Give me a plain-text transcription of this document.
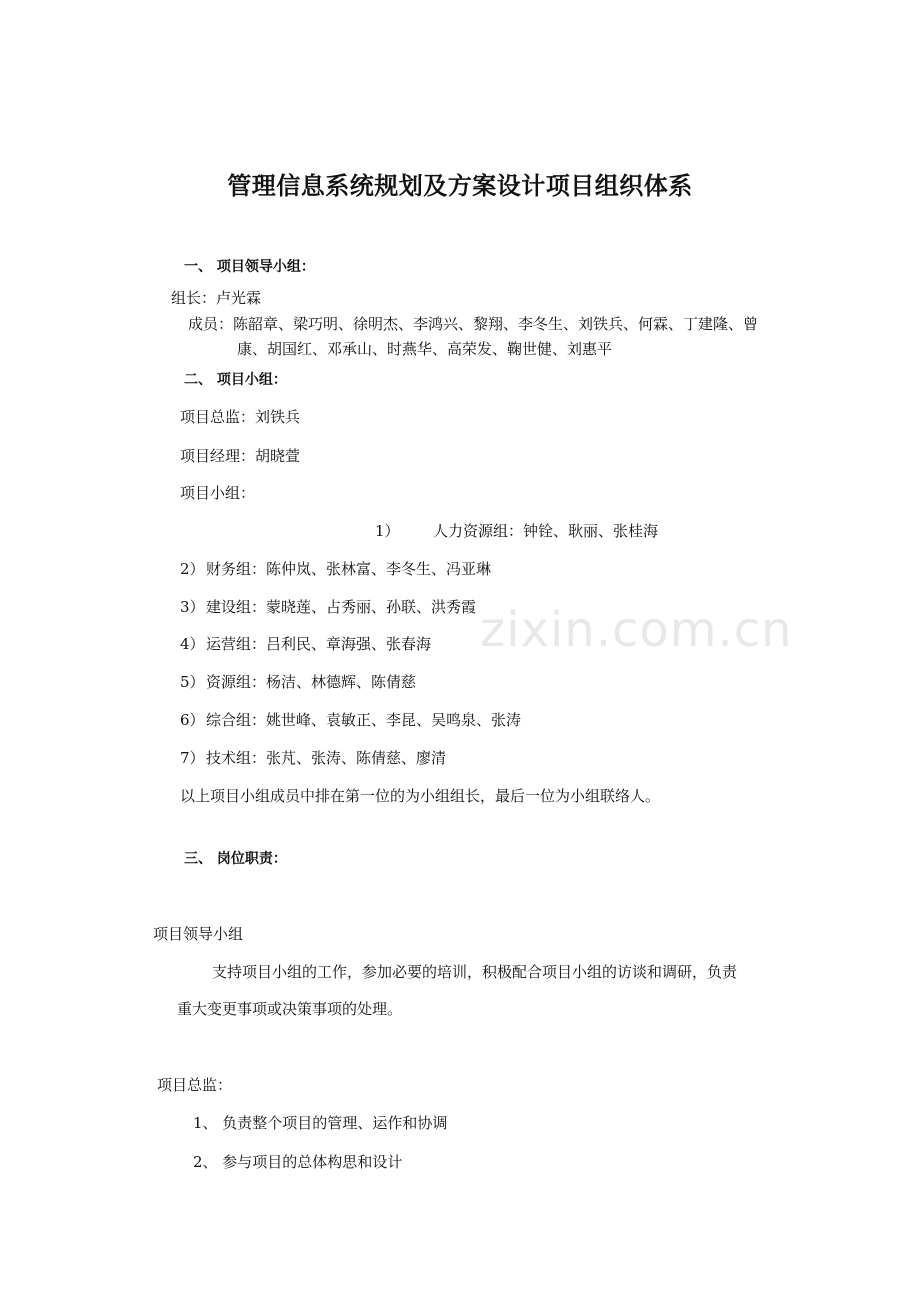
管理信息系统规划及方案设计项目组织体系
zixin.com.cn
一、 项目领导小组：
组长：卢光霖
成员：陈韶章、梁巧明、徐明杰、李鸿兴、黎翔、李冬生、刘铁兵、何霖、丁建隆、曾
康、胡国红、邓承山、时燕华、高荣发、鞠世健、刘惠平
二、 项目小组：
项目总监：刘铁兵
项目经理：胡晓萱
项目小组：
1） 人力资源组：钟铨、耿丽、张桂海
2）财务组：陈仲岚、张林富、李冬生、冯亚琳
3）建设组：蒙晓莲、占秀丽、孙联、洪秀霞
4）运营组：吕利民、章海强、张春海
5）资源组：杨洁、林德辉、陈倩慈
6）综合组：姚世峰、袁敏正、李昆、吴鸣泉、张涛
7）技术组：张芃、张涛、陈倩慈、廖清
以上项目小组成员中排在第一位的为小组组长，最后一位为小组联络人。
三、 岗位职责：
项目领导小组
支持项目小组的工作，参加必要的培训，积极配合项目小组的访谈和调研，负责
重大变更事项或决策事项的处理。
项目总监：
1、 负责整个项目的管理、运作和协调
2、 参与项目的总体构思和设计
